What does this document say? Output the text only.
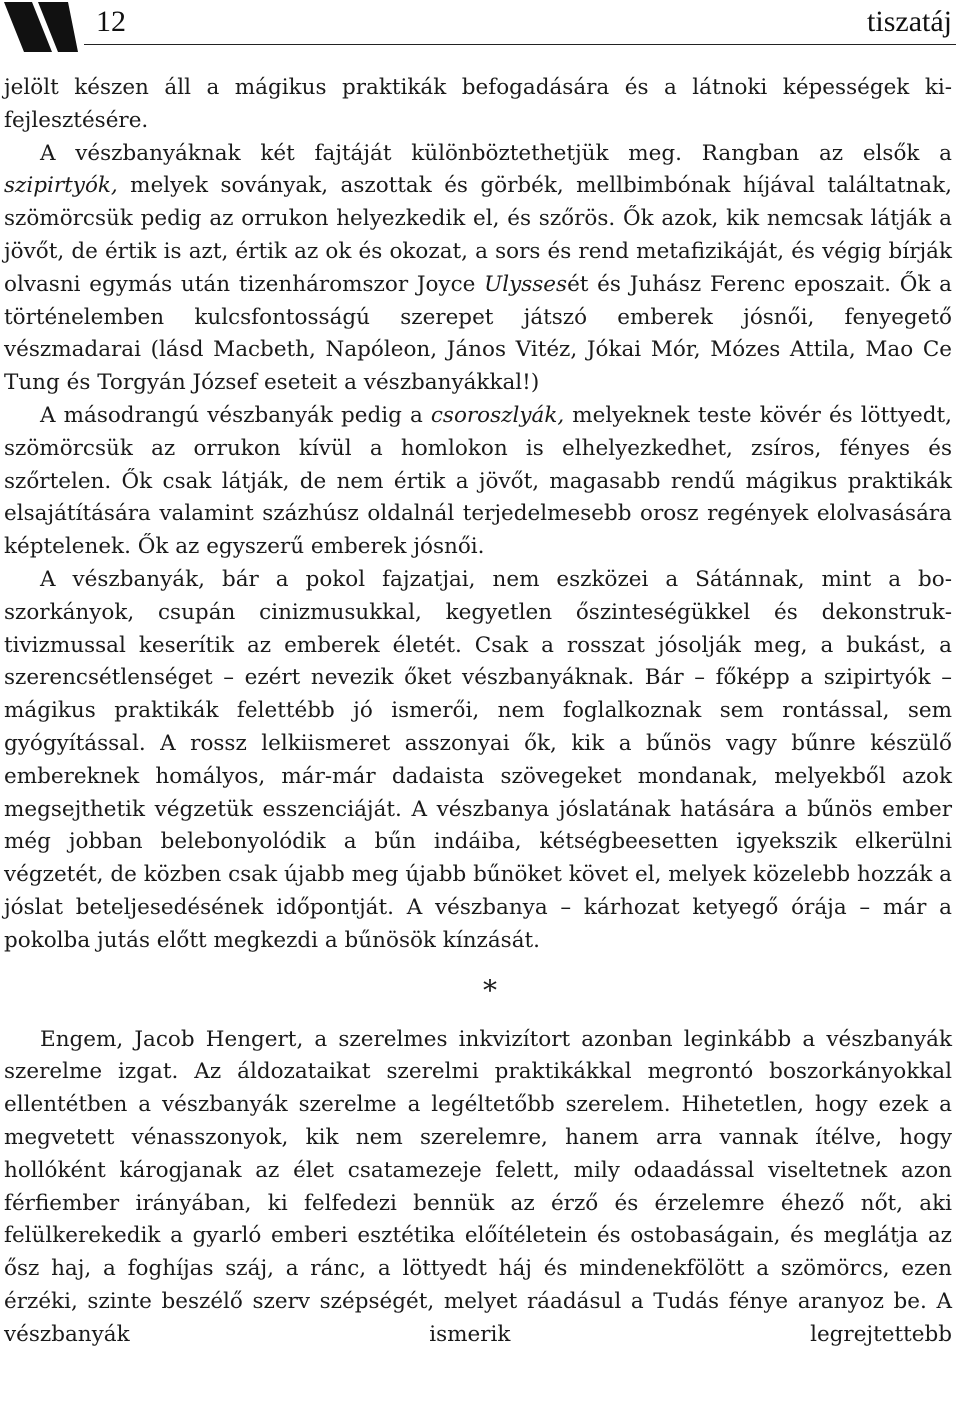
12	tiszatáj

jelölt készen áll a mágikus praktikák befogadására és a látnoki képességek kifejlesztésére.

A vészbanyáknak két fajtáját különböztethetjük meg. Rangban az elsők a szipirtyók, melyek soványak, aszottak és görbék, mellbimbónak híjával találtatnak, szömörcsük pedig az orrukon helyezkedik el, és szőrös. Ők azok, kik nemcsak látják a jövőt, de értik is azt, értik az ok és okozat, a sors és rend metafizikáját, és végig bírják olvasni egymás után tizenháromszor Joyce Ulyssesét és Juhász Ferenc eposzait. Ők a történelemben kulcsfontosságú szerepet játszó emberek jósnői, fenyegető vészmadarai (lásd Macbeth, Napóleon, János Vitéz, Jókai Mór, Mózes Attila, Mao Ce Tung és Torgyán József eseteit a vészbanyákkal!)

A másodrangú vészbanyák pedig a csoroszlyák, melyeknek teste kövér és löttyedt, szömörcsük az orrukon kívül a homlokon is elhelyezkedhet, zsíros, fényes és szőrtelen. Ők csak látják, de nem értik a jövőt, magasabb rendű mágikus praktikák elsajátítására valamint százhúsz oldalnál terjedelmesebb orosz regények elolvasására képtelenek. Ők az egyszerű emberek jósnői.

A vészbanyák, bár a pokol fajzatjai, nem eszközei a Sátánnak, mint a boszorkányok, csupán cinizmusukkal, kegyetlen őszinteségükkel és dekonstruktivizmussal keserítik az emberek életét. Csak a rosszat jósolják meg, a bukást, a szerencsétlenséget – ezért nevezik őket vészbanyáknak. Bár – főképp a szipirtyók – mágikus praktikák felettébb jó ismerői, nem foglalkoznak sem rontással, sem gyógyítással. A rossz lelkiismeret asszonyai ők, kik a bűnös vagy bűnre készülő embereknek homályos, már-már dadaista szövegeket mondanak, melyekből azok megsejthetik végzetük esszenciáját. A vészbanya jóslatának hatására a bűnös ember még jobban belebonyolódik a bűn indáiba, kétségbeesetten igyekszik elkerülni végzetét, de közben csak újabb meg újabb bűnöket követ el, melyek közelebb hozzák a jóslat beteljesedésének időpontját. A vészbanya – kárhozat ketyegő órája – már a pokolba jutás előtt megkezdi a bűnösök kínzását.

*

Engem, Jacob Hengert, a szerelmes inkvizítort azonban leginkább a vészbanyák szerelme izgat. Az áldozataikat szerelmi praktikákkal megrontó boszorkányokkal ellentétben a vészbanyák szerelme a legéltetőbb szerelem. Hihetetlen, hogy ezek a megvetett vénasszonyok, kik nem szerelemre, hanem arra vannak ítélve, hogy hollóként károgjanak az élet csatamezeje felett, mily odaadással viseltetnek azon férfiember irányában, ki felfedezi bennük az érző és érzelemre éhező nőt, aki felülkerekedik a gyarló emberi esztétika előítéletein és ostobaságain, és meglátja az ősz haj, a foghíjas száj, a ránc, a löttyedt háj és mindenekfölött a szömörcs, ezen érzéki, szinte beszélő szerv szépségét, melyet ráadásul a Tudás fénye aranyoz be. A vészbanyák ismerik legrejtettebb
